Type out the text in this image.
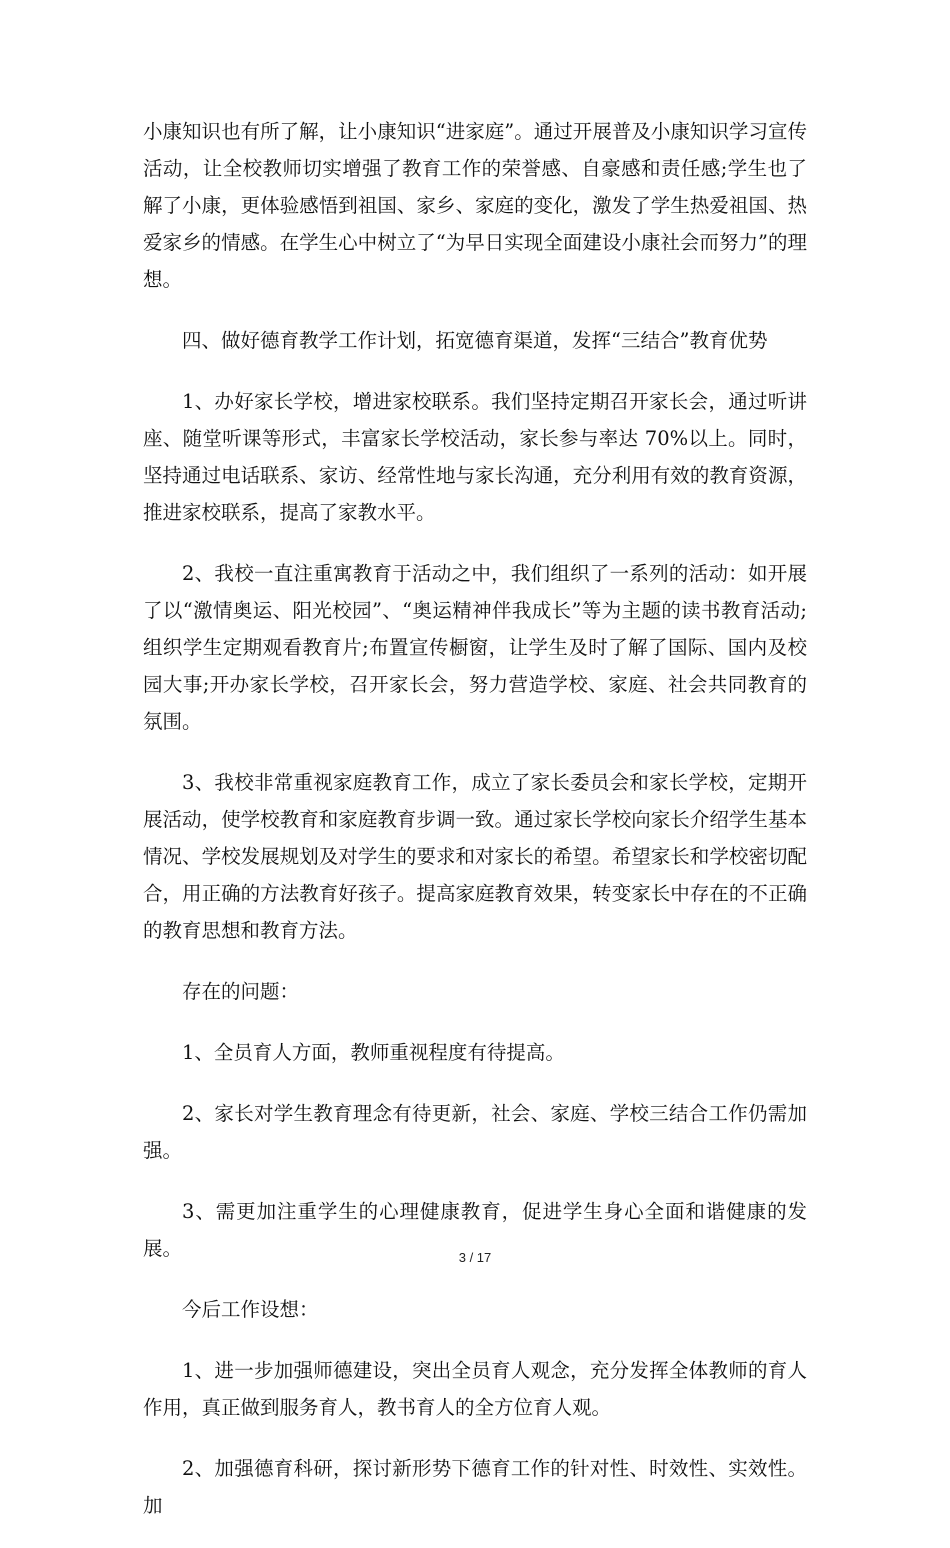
小康知识也有所了解，让小康知识“进家庭”。通过开展普及小康知识学习宣传活动，让全校教师切实增强了教育工作的荣誉感、自豪感和责任感;学生也了解了小康，更体验感悟到祖国、家乡、家庭的变化，激发了学生热爱祖国、热爱家乡的情感。在学生心中树立了“为早日实现全面建设小康社会而努力”的理想。

四、做好德育教学工作计划，拓宽德育渠道，发挥“三结合”教育优势

1、办好家长学校，增进家校联系。我们坚持定期召开家长会，通过听讲座、随堂听课等形式，丰富家长学校活动，家长参与率达 70%以上。同时，坚持通过电话联系、家访、经常性地与家长沟通，充分利用有效的教育资源，推进家校联系，提高了家教水平。

2、我校一直注重寓教育于活动之中，我们组织了一系列的活动：如开展了以“激情奥运、阳光校园”、“奥运精神伴我成长”等为主题的读书教育活动;组织学生定期观看教育片;布置宣传橱窗，让学生及时了解了国际、国内及校园大事;开办家长学校，召开家长会，努力营造学校、家庭、社会共同教育的氛围。

3、我校非常重视家庭教育工作，成立了家长委员会和家长学校，定期开展活动，使学校教育和家庭教育步调一致。通过家长学校向家长介绍学生基本情况、学校发展规划及对学生的要求和对家长的希望。希望家长和学校密切配合，用正确的方法教育好孩子。提高家庭教育效果，转变家长中存在的不正确的教育思想和教育方法。

存在的问题：

1、全员育人方面，教师重视程度有待提高。

2、家长对学生教育理念有待更新，社会、家庭、学校三结合工作仍需加强。

3、需更加注重学生的心理健康教育，促进学生身心全面和谐健康的发展。

今后工作设想：

1、进一步加强师德建设，突出全员育人观念，充分发挥全体教师的育人作用，真正做到服务育人，教书育人的全方位育人观。

2、加强德育科研，探讨新形势下德育工作的针对性、时效性、实效性。加

3 / 17
